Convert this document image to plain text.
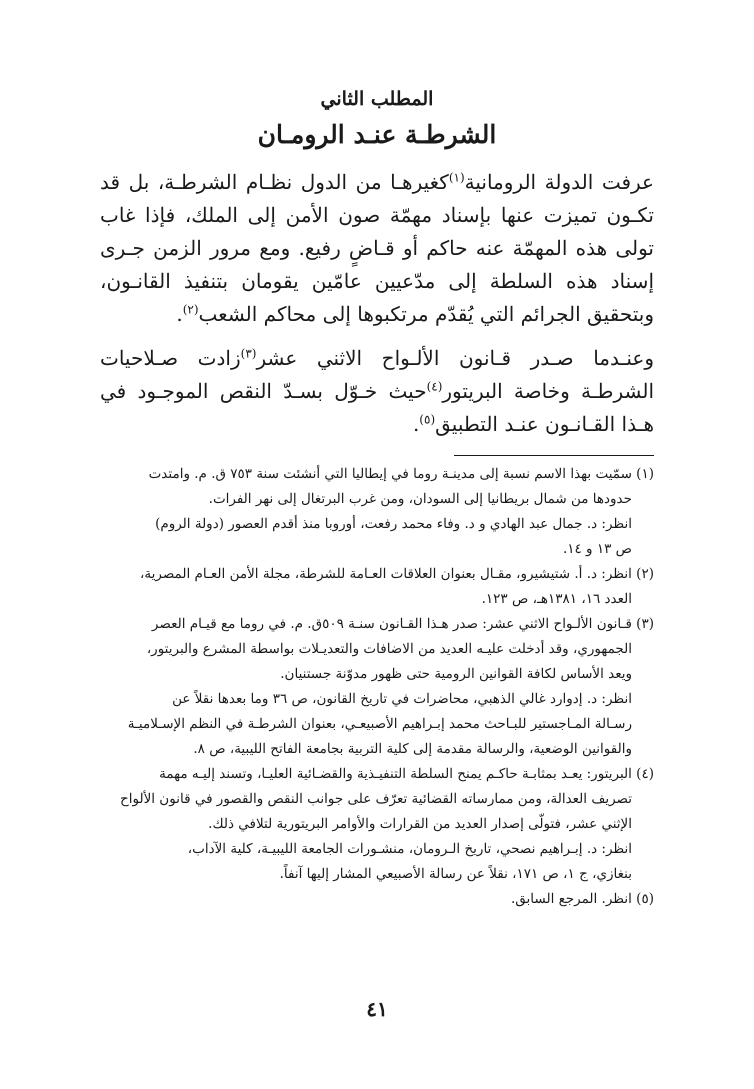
المطلب الثاني
الشرطـة عنـد الرومـان

عرفت الدولة الرومانية$^{(١)}$كغيرهـا من الدول نظـام الشرطـة، بل قد تكـون تميزت عنها بإسناد مهمّة صون الأمن إلى الملك، فإذا غاب تولى هذه المهمّة عنه حاكم أو قـاضٍ رفيع. ومع مرور الزمن جـرى إسناد هذه السلطة إلى مدّعيين عامّين يقومان بتنفيذ القانـون، وبتحقيق الجرائم التي يُقدّم مرتكبوها إلى محاكم الشعب$^{(٢)}$.

وعنـدما صـدر قـانون الألـواح الاثني عشر$^{(٣)}$زادت صـلاحيات الشرطـة وخاصة البريتور$^{(٤)}$حيث خـوّل بسـدّ النقص الموجـود في هـذا القـانـون عنـد التطبيق$^{(٥)}$.

(١) سمّيت بهذا الاسم نسبة إلى مدينـة روما في إيطاليا التي أنشئت سنة ٧٥٣ ق. م. وامتدت

حدودها من شمال بريطانيا إلى السودان، ومن غرب البرتغال إلى نهر الفرات.

انظر: د. جمال عبد الهادي و د. وفاء محمد رفعت، أوروبا منذ أقدم العصور (دولة الروم)

ص ١٣ و ١٤.

(٢) انظر: د. أ. شتيشيرو، مقـال بعنوان العلاقات العـامة للشرطة، مجلة الأمن العـام المصرية،

العدد ١٦، ١٣٨١هـ، ص ١٢٣.

(٣) قـانون الألـواح الاثني عشر: صدر هـذا القـانون سنـة ٥٠٩ق. م. في روما مع قيـام العصر

الجمهوري، وقد أدخلت عليـه العديد من الاضافات والتعديـلات بواسطة المشرع والبريتور،

ويعد الأساس لكافة القوانين الرومية حتى ظهور مدوّنة جستنيان.

انظر: د. إدوارد غالي الذهبي، محاضرات في تاريخ القانون، ص ٣٦ وما بعدها نقلاً عن

رسـالة المـاجستير للبـاحث محمد إبـراهيم الأصبيعـي، بعنوان الشرطـة في النظم الإسـلاميـة

والقوانين الوضعية، والرسالة مقدمة إلى كلية التربية بجامعة الفاتح الليبية، ص ٨.

(٤) البريتور: يعـد بمثابـة حاكـم يمنح السلطة التنفيـذية والقضـائية العليـا، وتسند إليـه مهمة

تصريف العدالة، ومن ممارساته القضائية تعرّف على جوانب النقص والقصور في قانون الألواح

الإثني عشر، فتولّى إصدار العديد من القرارات والأوامر البريتورية لتلافي ذلك.

انظر: د. إبـراهيم نصحي، تاريخ الـرومان، منشـورات الجامعة الليبيـة، كلية الآداب،

بنغازي، ج ١، ص ١٧١، نقلاً عن رسالة الأصبيعي المشار إليها آنفاً.

(٥) انظر. المرجع السابق.

٤١
